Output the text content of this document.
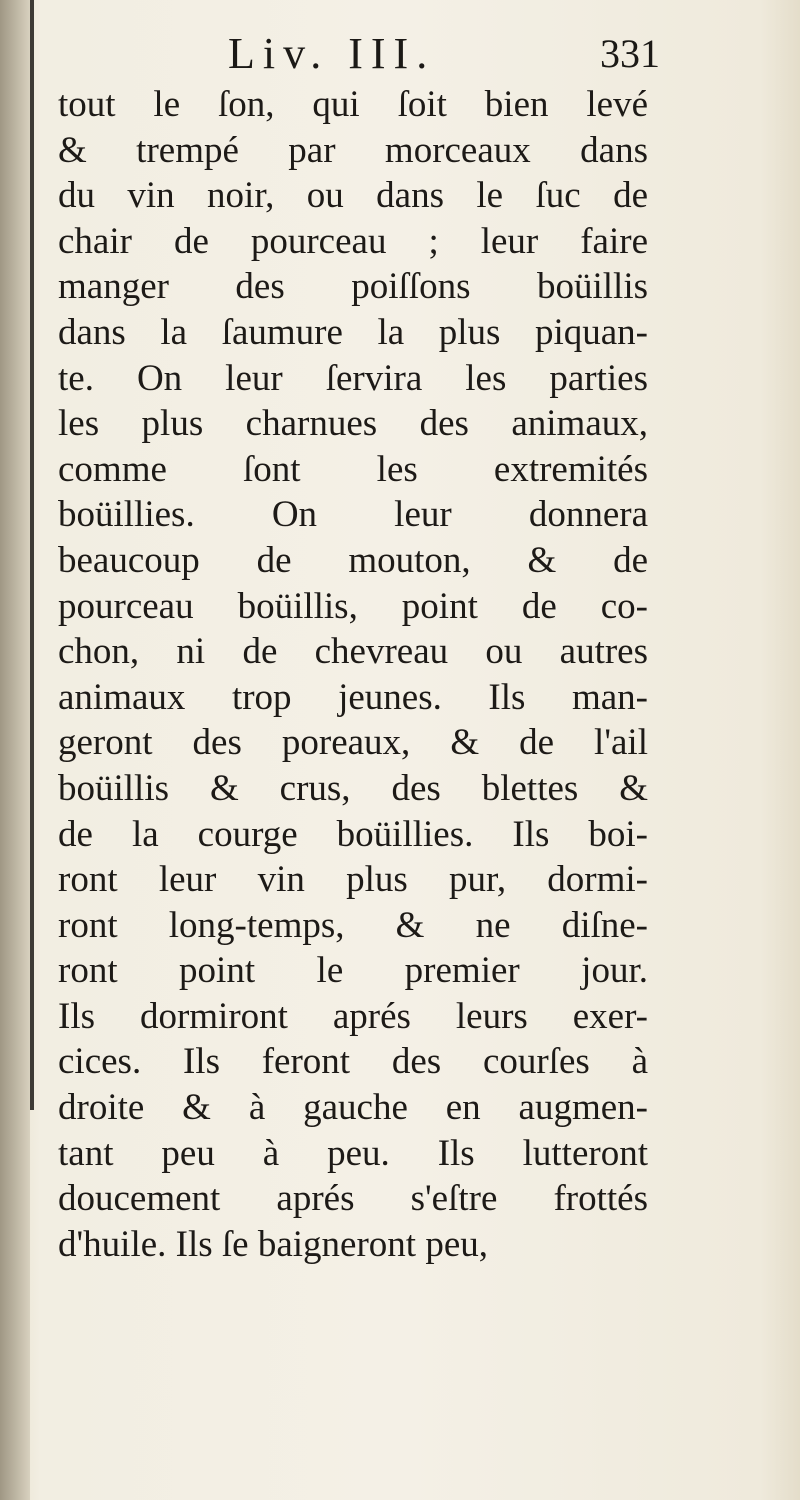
Liv. III.	331
tout le ſon, qui ſoit bien levé
& trempé par morceaux dans
du vin noir, ou dans le ſuc de
chair de pourceau ; leur faire
manger des poiſſons boüillis
dans la ſaumure la plus piquan-
te. On leur ſervira les parties
les plus charnues des animaux,
comme ſont les extremités
boüillies. On leur donnera
beaucoup de mouton, & de
pourceau boüillis, point de co-
chon, ni de chevreau ou autres
animaux trop jeunes. Ils man-
geront des poreaux, & de l'ail
boüillis & crus, des blettes &
de la courge boüillies. Ils boi-
ront leur vin plus pur, dormi-
ront long-temps, & ne diſne-
ront point le premier jour.
Ils dormiront aprés leurs exer-
cices. Ils feront des courſes à
droite & à gauche en augmen-
tant peu à peu. Ils lutteront
doucement aprés s'eſtre frottés
d'huile. Ils ſe baigneront peu,
